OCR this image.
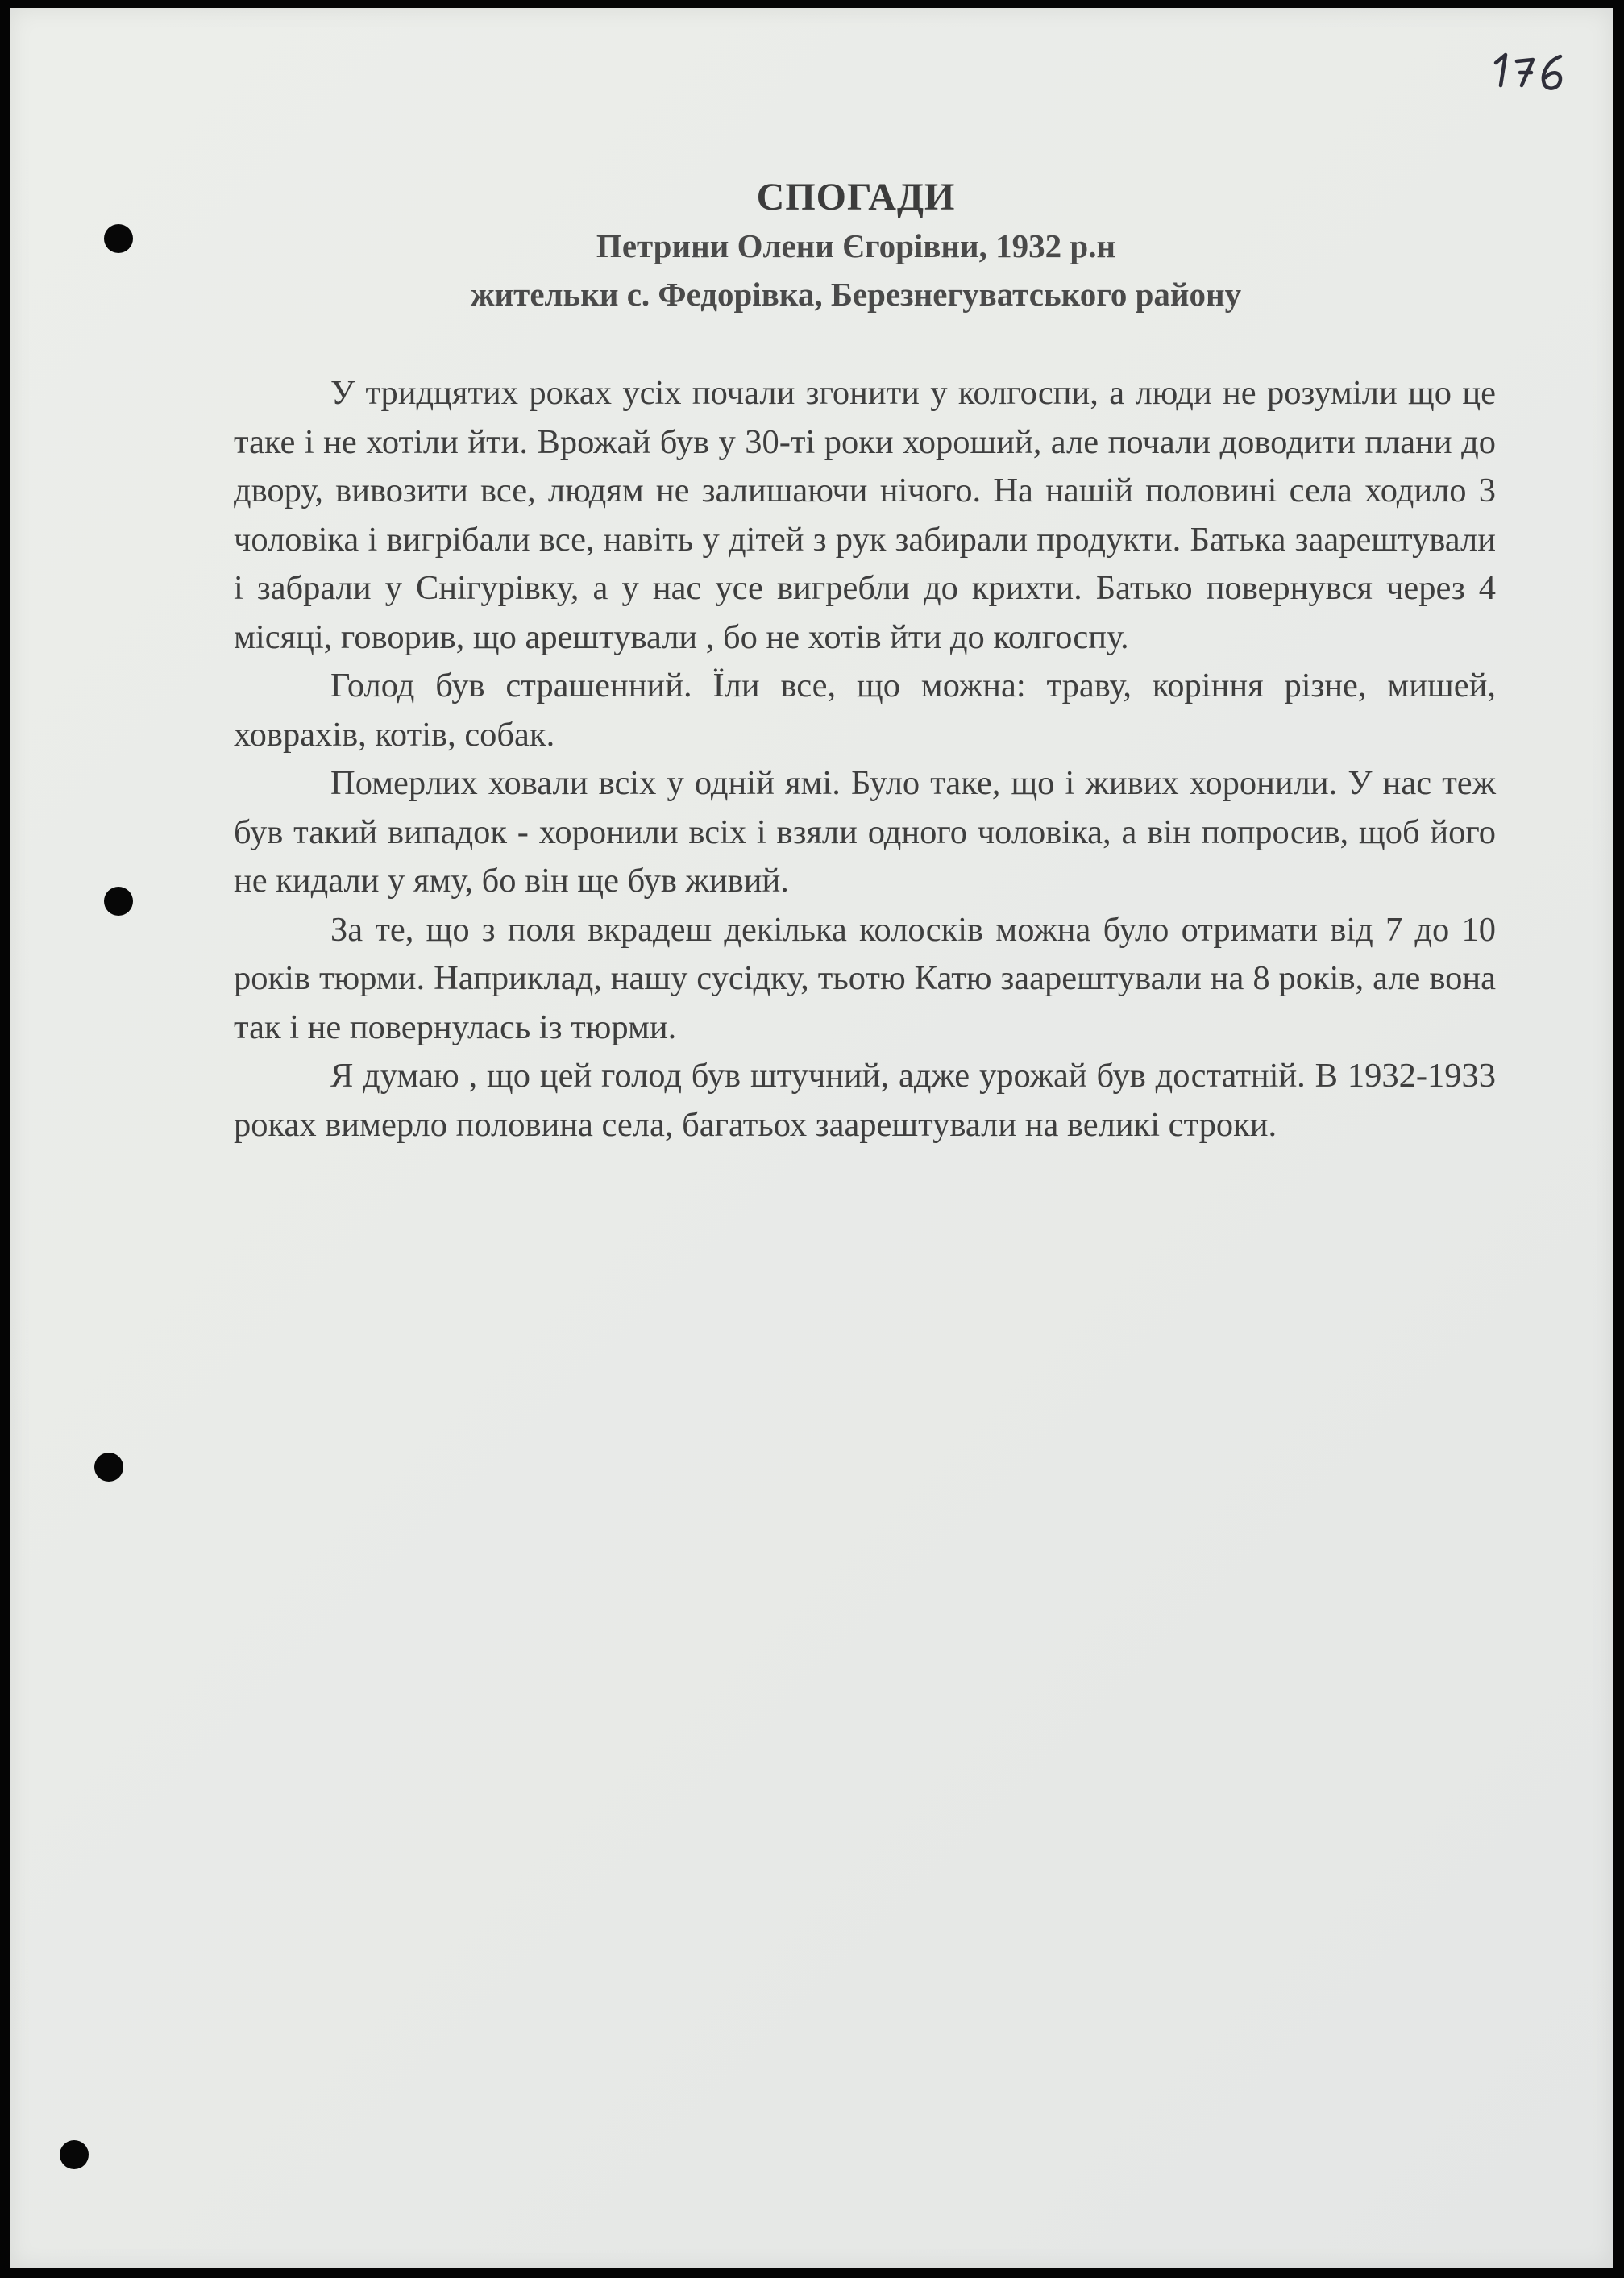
СПОГАДИ
Петрини Олени Єгорівни, 1932 р.н
жительки с. Федорівка, Березнегуватського району

У тридцятих роках усіх почали згонити у колгоспи, а люди не розуміли що це таке і не хотіли йти. Врожай був у 30-ті роки хороший, але почали доводити плани до двору, вивозити все, людям не залишаючи нічого. На нашій половині села ходило 3 чоловіка і вигрібали все, навіть у дітей з рук забирали продукти. Батька заарештували і забрали у Снігурівку, а у нас усе вигребли до крихти. Батько повернувся через 4 місяці, говорив, що арештували , бо не хотів йти до колгоспу.

Голод був страшенний. Їли все, що можна: траву, коріння різне, мишей, ховрахів, котів, собак.

Померлих ховали всіх у одній ямі. Було таке, що і живих хоронили. У нас теж був такий випадок - хоронили всіх і взяли одного чоловіка, а він попросив, щоб його не кидали у яму, бо він ще був живий.

За те, що з поля вкрадеш декілька колосків можна було отримати від 7 до 10 років тюрми. Наприклад, нашу сусідку, тьотю Катю заарештували на 8 років, але вона так і не повернулась із тюрми.

Я думаю , що цей голод був штучний, адже урожай був достатній. В 1932-1933 роках вимерло половина села, багатьох заарештували на великі строки.
